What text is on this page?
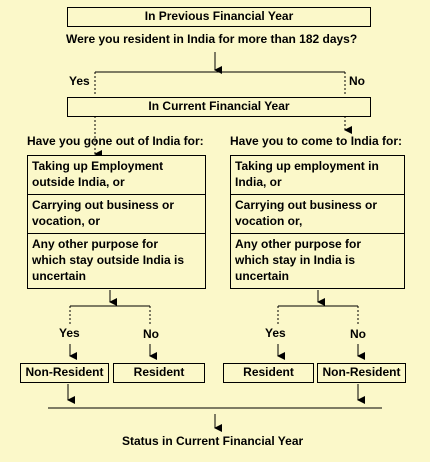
In Previous Financial Year
Were you resident in India for more than 182 days?
Yes	No
In Current Financial Year
Have you gone out of India for: Have you to come to India for:
Taking up Employment
outside India, or
Carrying out business or
vocation, or
Any other purpose for
which stay outside India is
uncertain
Taking up employment in
India, or
Carrying out business or
vocation or,
Any other purpose for
which stay in India is
uncertain
Yes	No	Yes	No
Non-Resident	Resident	Resident	Non-Resident
Status in Current Financial Year
